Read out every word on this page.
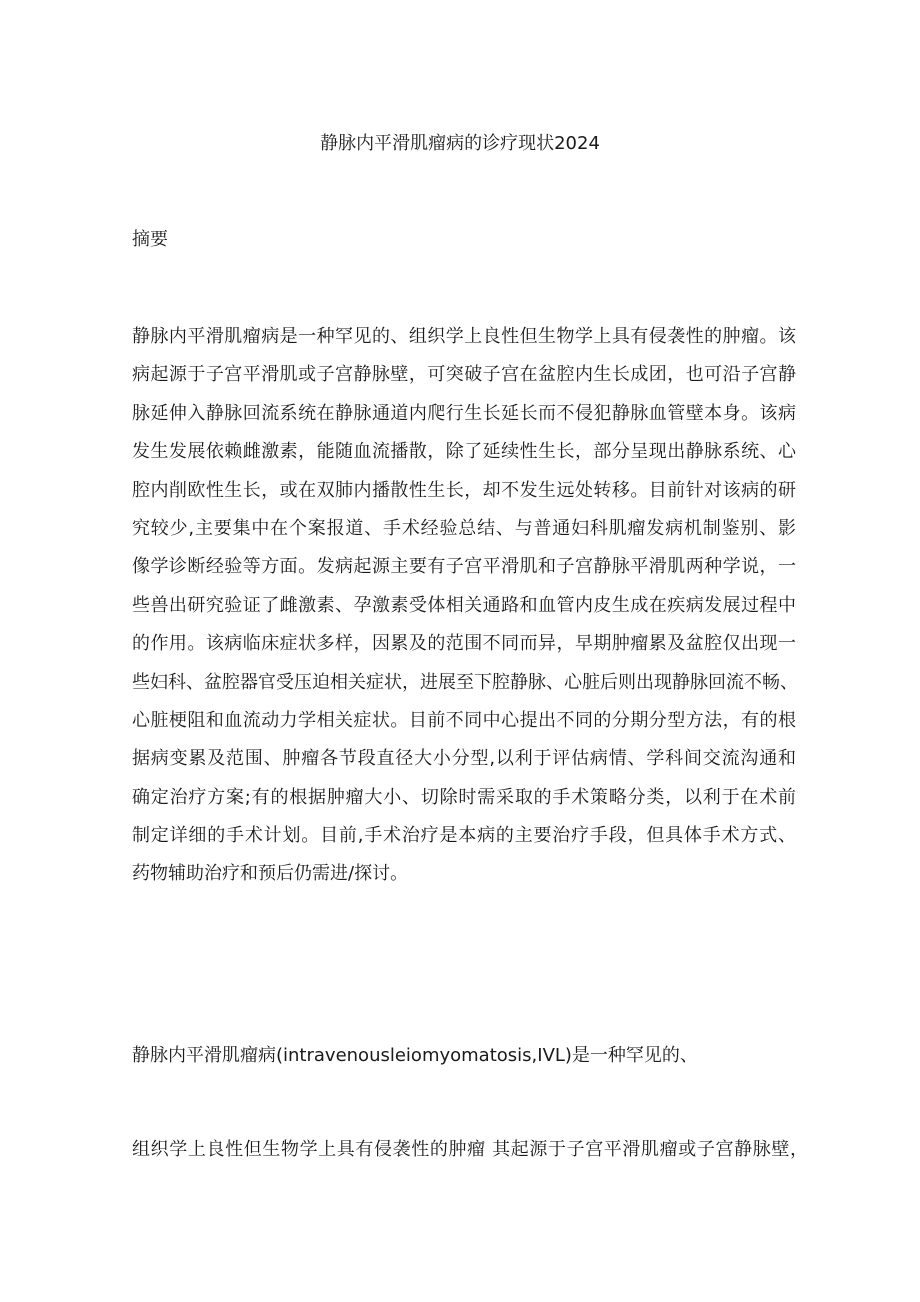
静脉内平滑肌瘤病的诊疗现状2024
摘要
静脉内平滑肌瘤病是一种罕见的、组织学上良性但生物学上具有侵袭性的肿瘤。该
病起源于子宫平滑肌或子宫静脉壁，可突破子宫在盆腔内生长成团，也可沿子宫静
脉延伸入静脉回流系统在静脉通道内爬行生长延长而不侵犯静脉血管壁本身。该病
发生发展依赖雌激素，能随血流播散，除了延续性生长，部分呈现出静脉系统、心
腔内削欧性生长，或在双肺内播散性生长，却不发生远处转移。目前针对该病的研
究较少,主要集中在个案报道、手术经验总结、与普通妇科肌瘤发病机制鉴别、影
像学诊断经验等方面。发病起源主要有子宫平滑肌和子宫静脉平滑肌两种学说，一
些兽出研究验证了雌激素、孕激素受体相关通路和血管内皮生成在疾病发展过程中
的作用。该病临床症状多样，因累及的范围不同而异，早期肿瘤累及盆腔仅出现一
些妇科、盆腔器官受压迫相关症状，进展至下腔静脉、心脏后则出现静脉回流不畅、
心脏梗阻和血流动力学相关症状。目前不同中心提出不同的分期分型方法，有的根
据病变累及范围、肿瘤各节段直径大小分型,以利于评估病情、学科间交流沟通和
确定治疗方案;有的根据肿瘤大小、切除时需采取的手术策略分类，以利于在术前
制定详细的手术计划。目前,手术治疗是本病的主要治疗手段，但具体手术方式、
药物辅助治疗和预后仍需进/探讨。

静脉内平滑肌瘤病(intravenousleiomyomatosis,IVL)是一种罕见的、

组织学上良性但生物学上具有侵袭性的肿瘤 其起源于子宫平滑肌瘤或子宫静脉壁，
